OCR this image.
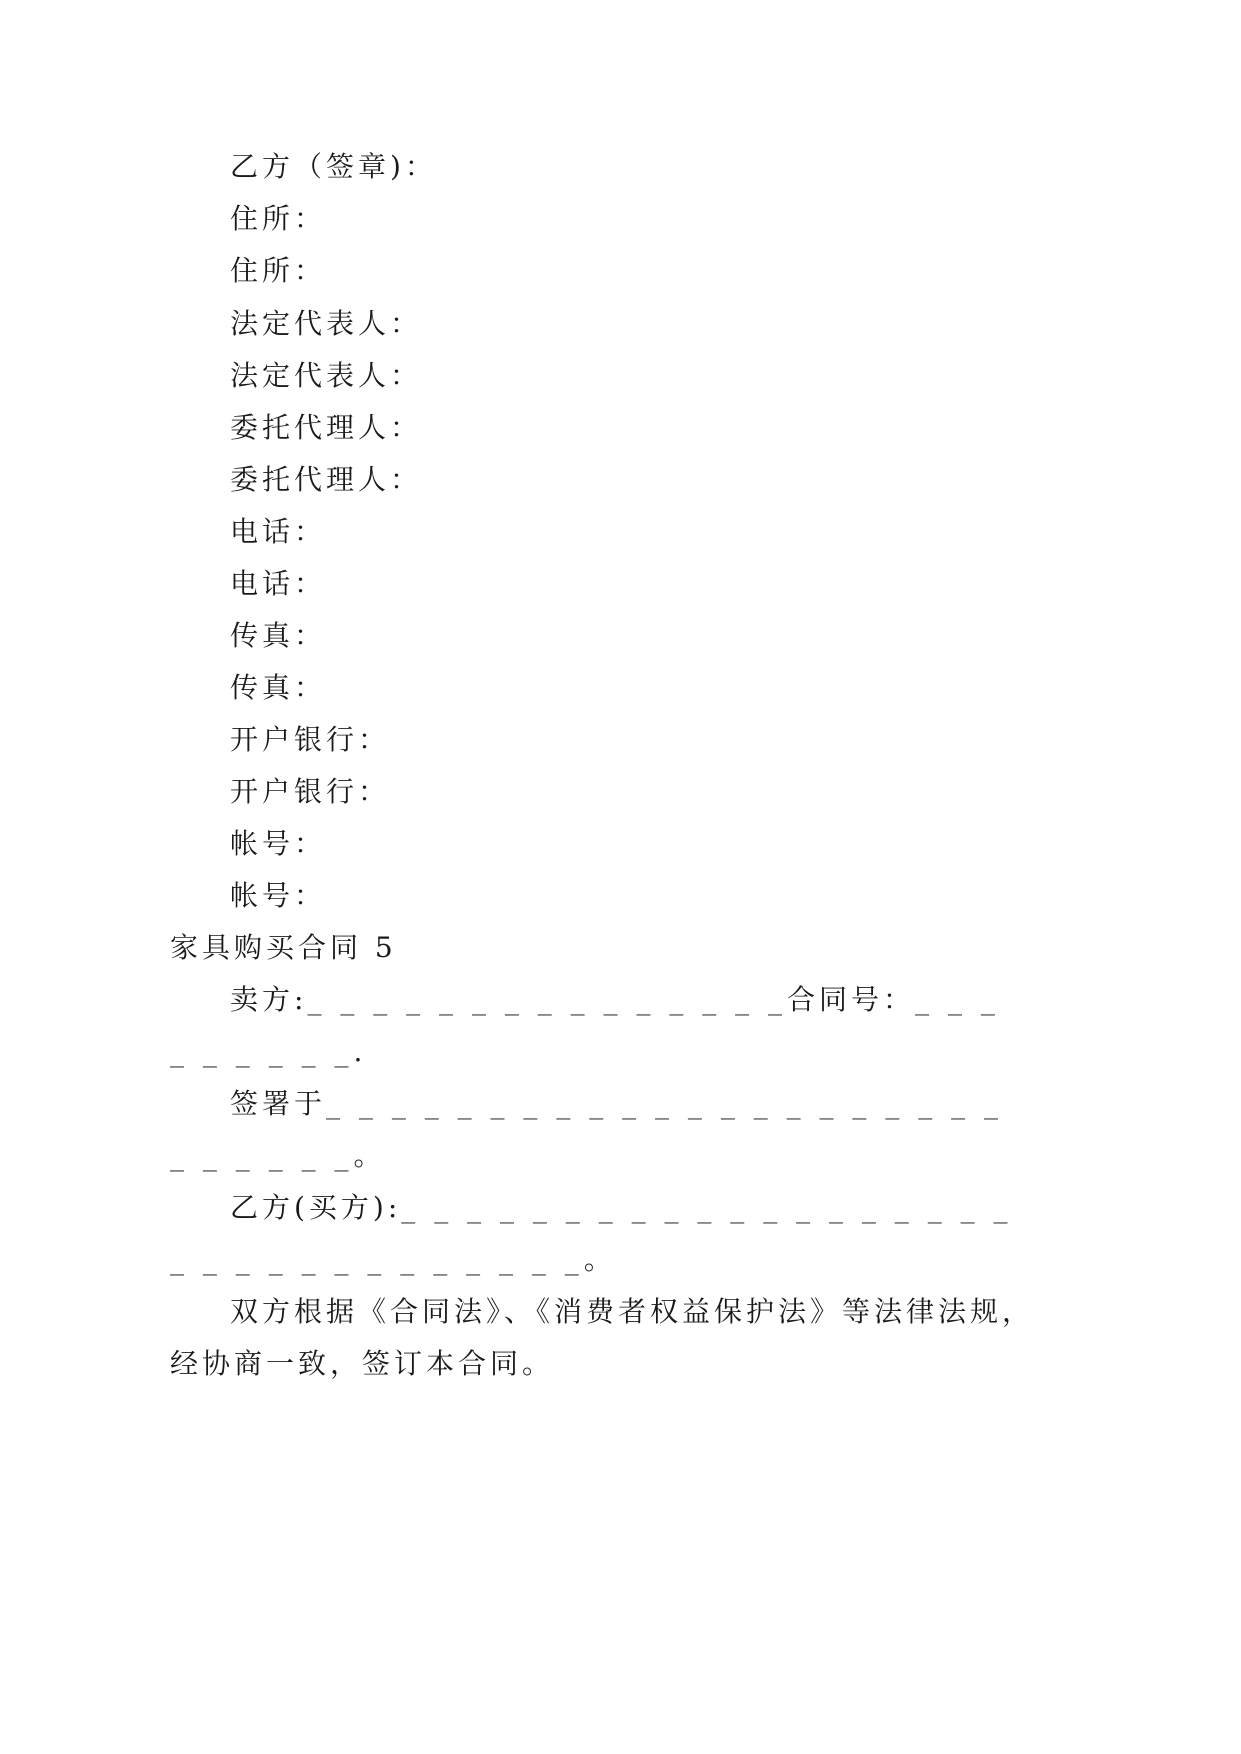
乙方（签章)：
住所：
住所：
法定代表人：
法定代表人：
委托代理人：
委托代理人：
电话：
电话：
传真：
传真：
开户银行：
开户银行：
帐号：
帐号：
家具购买合同 5
卖方:_ _ _ _ _ _ _ _ _ _ _ _ _ _ _合同号：_ _ _
_ _ _ _ _ _.
签署于_ _ _ _ _ _ _ _ _ _ _ _ _ _ _ _ _ _ _ _ _
_ _ _ _ _ _。
乙方(买方):_ _ _ _ _ _ _ _ _ _ _ _ _ _ _ _ _ _ _
_ _ _ _ _ _ _ _ _ _ _ _ _。
双方根据《合同法》、《消费者权益保护法》等法律法规，
经协商一致，签订本合同。
